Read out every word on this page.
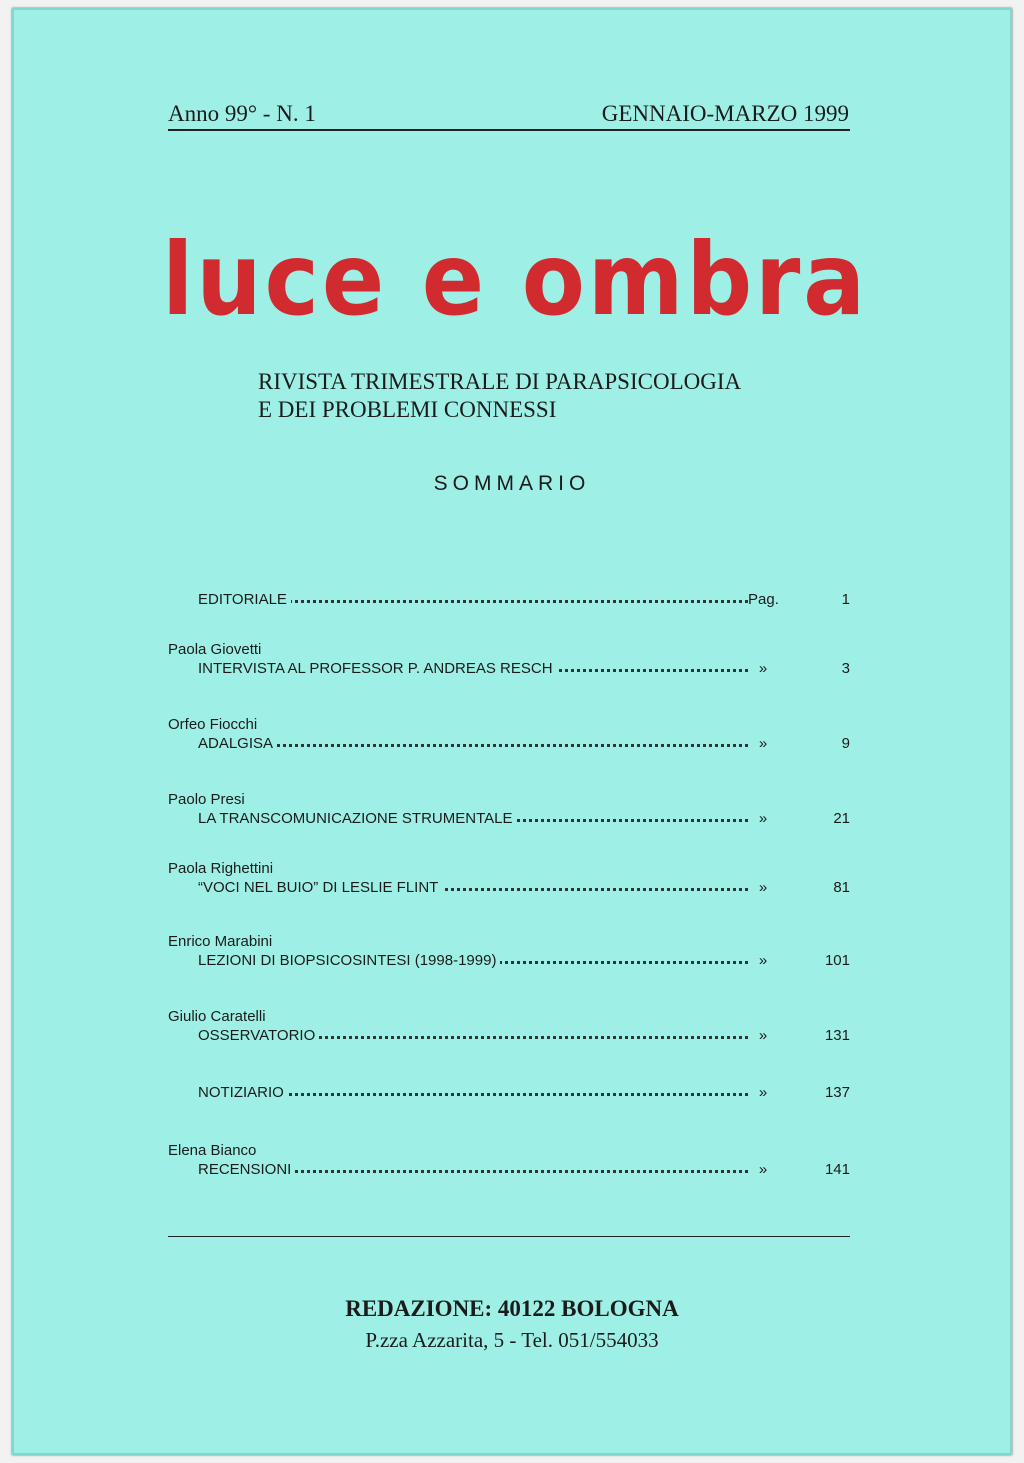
Anno 99° - N. 1	GENNAIO-MARZO 1999
luce e ombra
RIVISTA TRIMESTRALE DI PARAPSICOLOGIA
E DEI PROBLEMI CONNESSI
SOMMARIO
EDITORIALE	Pag.	1
Paola Giovetti
INTERVISTA AL PROFESSOR P. ANDREAS RESCH	»	3
Orfeo Fiocchi
ADALGISA	»	9
Paolo Presi
LA TRANSCOMUNICAZIONE STRUMENTALE	»	21
Paola Righettini
“VOCI NEL BUIO” DI LESLIE FLINT	»	81
Enrico Marabini
LEZIONI DI BIOPSICOSINTESI (1998-1999)	»	101
Giulio Caratelli
OSSERVATORIO	»	131
NOTIZIARIO	»	137
Elena Bianco
RECENSIONI	»	141
REDAZIONE: 40122 BOLOGNA
P.zza Azzarita, 5 - Tel. 051/554033
